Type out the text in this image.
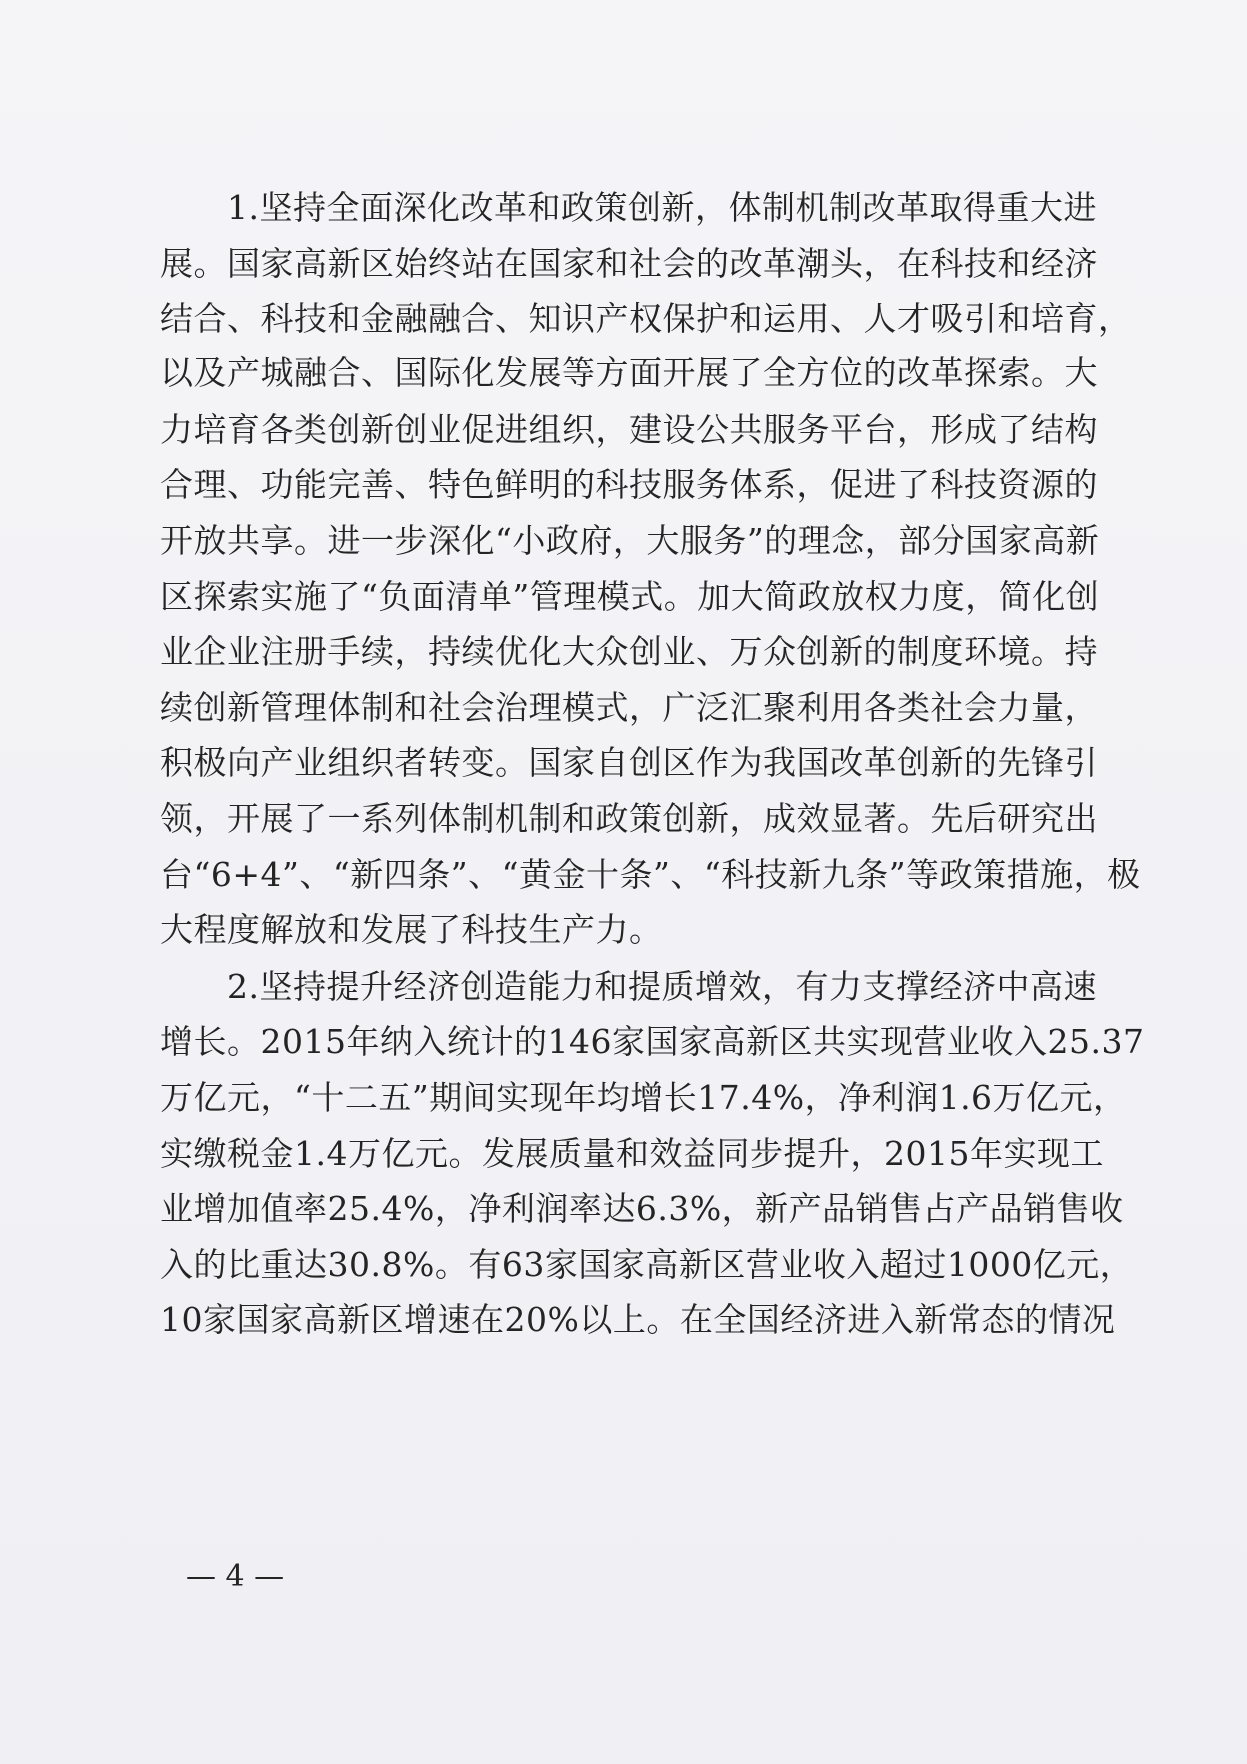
1.坚持全面深化改革和政策创新，体制机制改革取得重大进
展。国家高新区始终站在国家和社会的改革潮头，在科技和经济
结合、科技和金融融合、知识产权保护和运用、人才吸引和培育，
以及产城融合、国际化发展等方面开展了全方位的改革探索。大
力培育各类创新创业促进组织，建设公共服务平台，形成了结构
合理、功能完善、特色鲜明的科技服务体系，促进了科技资源的
开放共享。进一步深化“小政府，大服务”的理念，部分国家高新
区探索实施了“负面清单”管理模式。加大简政放权力度，简化创
业企业注册手续，持续优化大众创业、万众创新的制度环境。持
续创新管理体制和社会治理模式，广泛汇聚利用各类社会力量，
积极向产业组织者转变。国家自创区作为我国改革创新的先锋引
领，开展了一系列体制机制和政策创新，成效显著。先后研究出
台“6+4”、“新四条”、“黄金十条”、“科技新九条”等政策措施，极
大程度解放和发展了科技生产力。
2.坚持提升经济创造能力和提质增效，有力支撑经济中高速
增长。2015年纳入统计的146家国家高新区共实现营业收入25.37
万亿元，“十二五”期间实现年均增长17.4%，净利润1.6万亿元，
实缴税金1.4万亿元。发展质量和效益同步提升，2015年实现工
业增加值率25.4%，净利润率达6.3%，新产品销售占产品销售收
入的比重达30.8%。有63家国家高新区营业收入超过1000亿元，
10家国家高新区增速在20%以上。在全国经济进入新常态的情况
— 4 —
